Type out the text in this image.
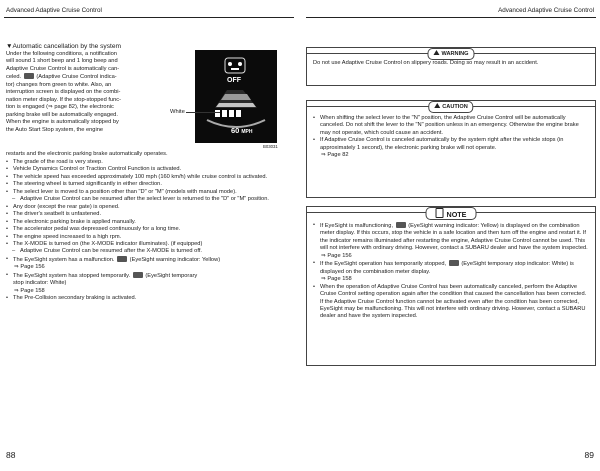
Advanced Adaptive Cruise Control	Advanced Adaptive Cruise Control
▼Automatic cancellation by the system
Under the following conditions, a notification
will sound 1 short beep and 1 long beep and
Adaptive Cruise Control is automatically can-
celed.	(Adaptive Cruise Control indica-
tor) changes from green to white. Also, an
interruption screen is displayed on the combi-
nation meter display. If the stop-stopped func-
tion is engaged (⇒ page 82), the electronic
parking brake will be automatically engaged.
When the engine is automatically stopped by
the Auto Start Stop system, the engine
restarts and the electronic parking brake automatically operates.
OFF
60 MPH
White
B03031
• The grade of the road is very steep.
• Vehicle Dynamics Control or Traction Control Function is activated.
• The vehicle speed has exceeded approximately 100 mph (160 km/h) while cruise control is activated.
• The steering wheel is turned significantly in either direction.
• The select lever is moved to a position other than "D" or "M" (models with manual mode).
– Adaptive Cruise Control can be resumed after the select lever is returned to the "D" or "M" position.
• Any door (except the rear gate) is opened.
• The driver's seatbelt is unfastened.
• The electronic parking brake is applied manually.
• The accelerator pedal was depressed continuously for a long time.
• The engine speed increased to a high rpm.
• The X-MODE is turned on (the X-MODE indicator illuminates). (if equipped)
– Adaptive Cruise Control can be resumed after the X-MODE is turned off.
• The EyeSight system has a malfunction.	(EyeSight warning indicator: Yellow)
⇒ Page 156
• The EyeSight system has stopped temporarily.	(EyeSight temporary stop indicator: White)
⇒ Page 158
• The Pre-Collision secondary braking is activated.
WARNING
Do not use Adaptive Cruise Control on slippery roads. Doing so may result in an accident.
CAUTION
• When shifting the select lever to the "N" position, the Adaptive Cruise Control will be automatically canceled. Do not shift the lever to the "N" position unless in an emergency. Otherwise the engine brake may not operate, which could cause an accident.
• If Adaptive Cruise Control is canceled automatically by the system right after the vehicle stops (in approximately 1 second), the electronic parking brake will not operate.
⇒ Page 82
NOTE
• If EyeSight is malfunctioning,	(EyeSight warning indicator: Yellow) is displayed on the combination meter display. If this occurs, stop the vehicle in a safe location and then turn off the engine and restart it. If the indicator remains illuminated after restarting the engine, Adaptive Cruise Control cannot be used. This will not interfere with ordinary driving. However, contact a SUBARU dealer and have the system inspected.
⇒ Page 156
• If the EyeSight operation has temporarily stopped,	(EyeSight temporary stop indicator: White) is displayed on the combination meter display.
⇒ Page 158
• When the operation of Adaptive Cruise Control has been automatically canceled, perform the Adaptive Cruise Control setting operation again after the condition that caused the cancellation has been corrected. If the Adaptive Cruise Control function cannot be activated even after the condition has been corrected, EyeSight may be malfunctioning. This will not interfere with ordinary driving. However, contact a SUBARU dealer and have the system inspected.
88	89
